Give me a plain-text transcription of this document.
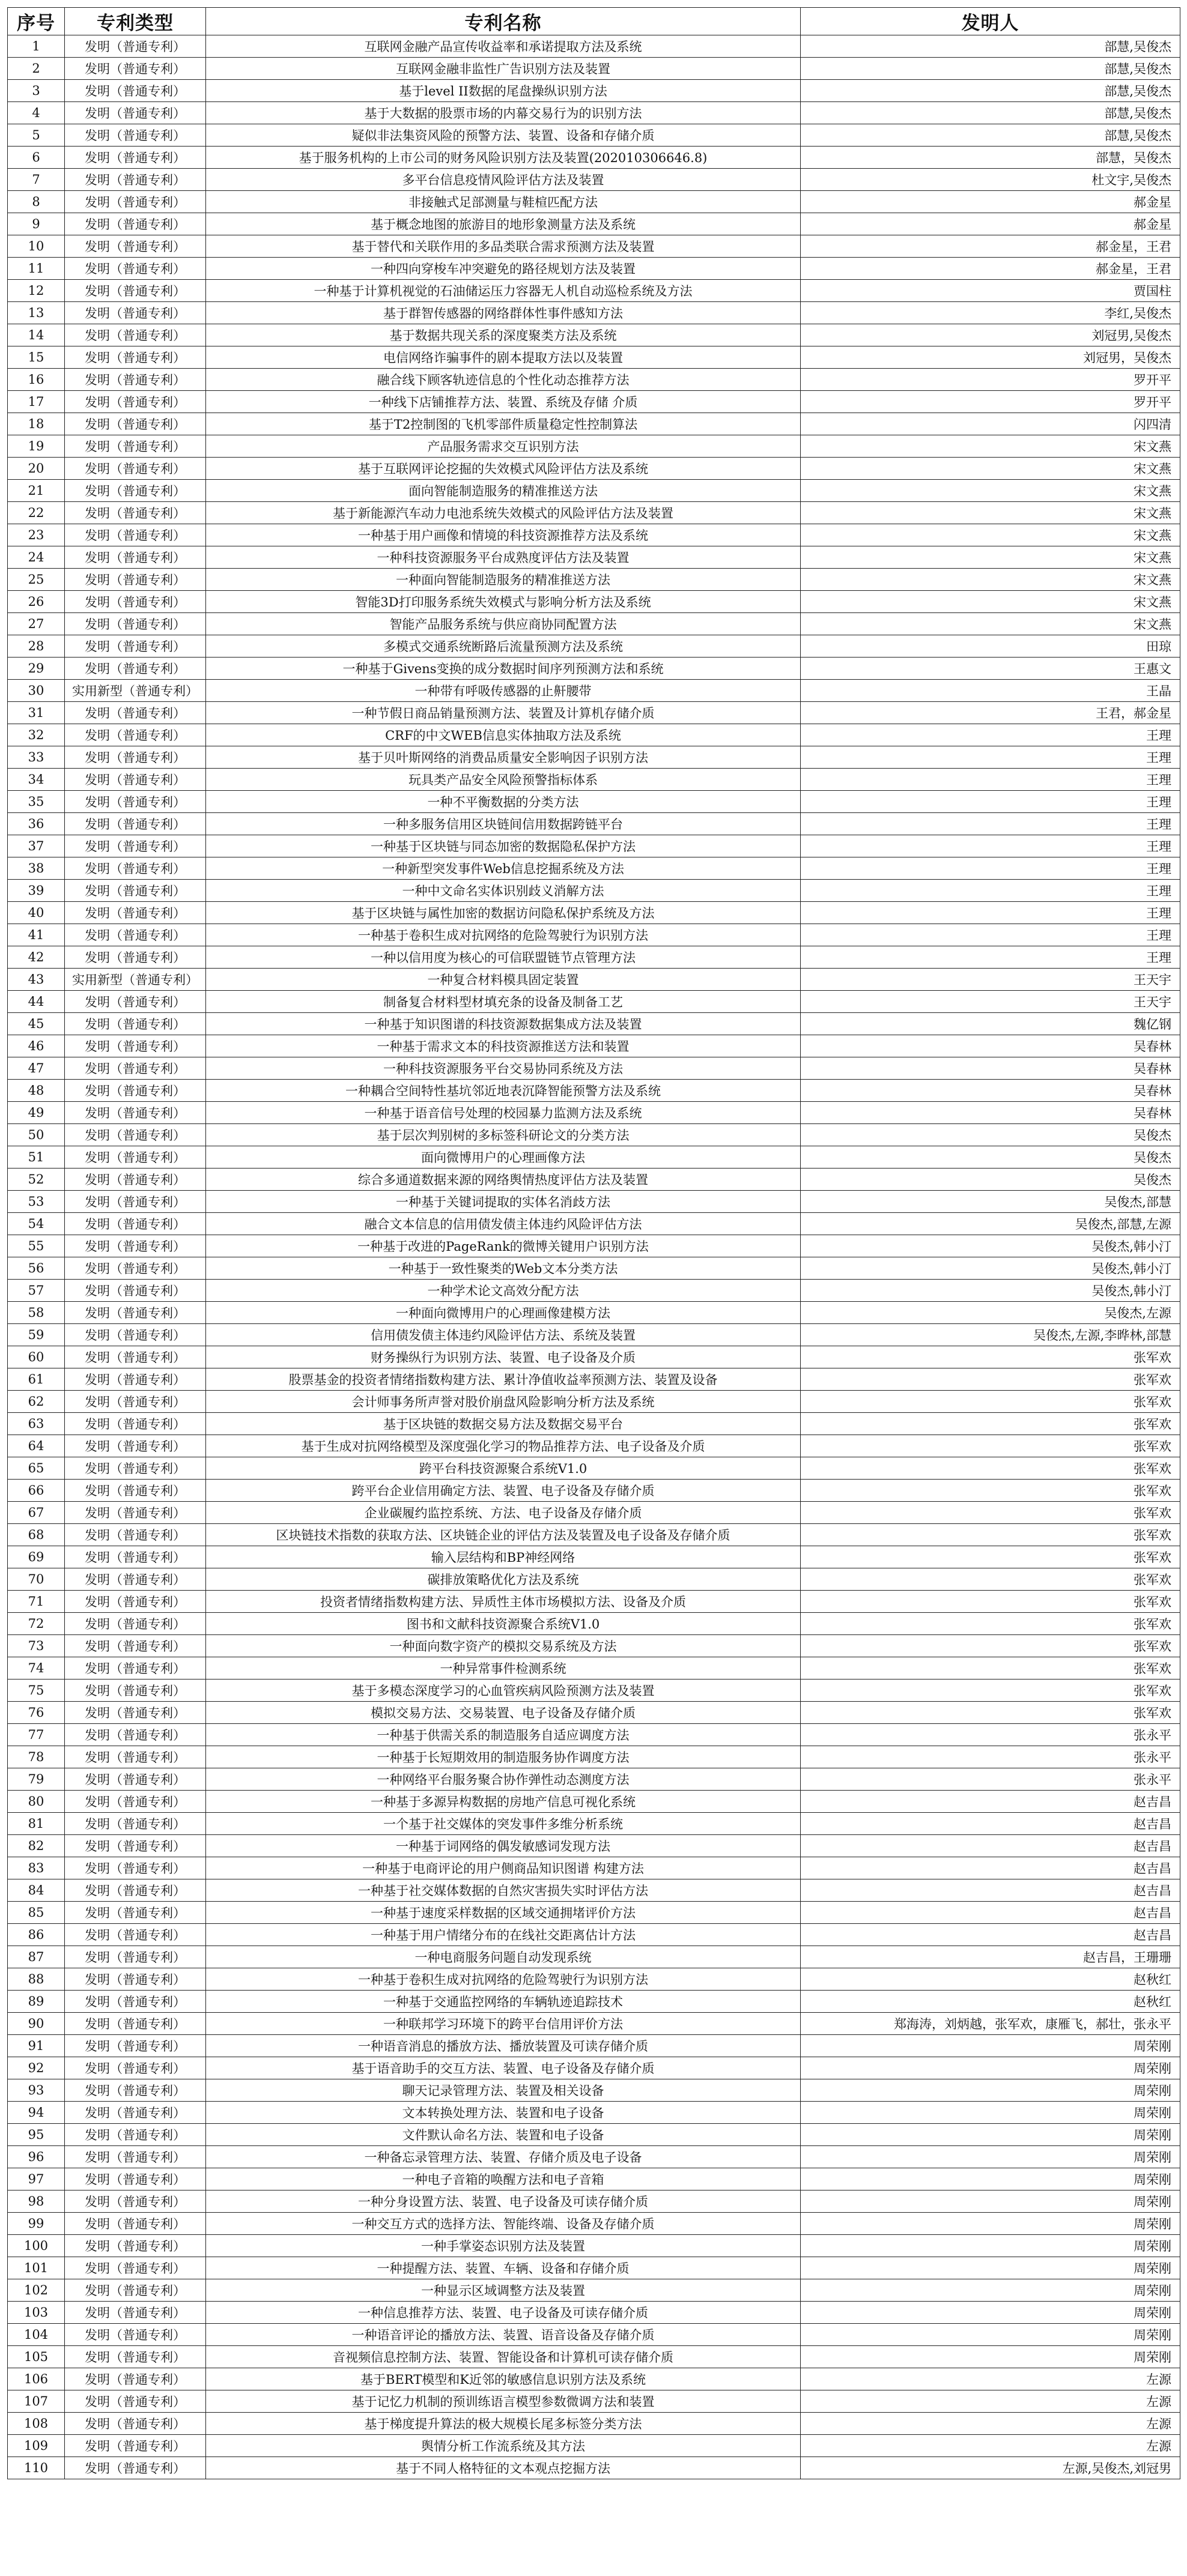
序号	专利类型	专利名称	发明人
1	发明（普通专利）	互联网金融产品宣传收益率和承诺提取方法及系统	部慧,吴俊杰
2	发明（普通专利）	互联网金融非监性广告识别方法及装置	部慧,吴俊杰
3	发明（普通专利）	基于level II数据的尾盘操纵识别方法	部慧,吴俊杰
4	发明（普通专利）	基于大数据的股票市场的内幕交易行为的识别方法	部慧,吴俊杰
5	发明（普通专利）	疑似非法集资风险的预警方法、装置、设备和存储介质	部慧,吴俊杰
6	发明（普通专利）	基于服务机构的上市公司的财务风险识别方法及装置(202010306646.8)	部慧，吴俊杰
7	发明（普通专利）	多平台信息疫情风险评估方法及装置	杜文宇,吴俊杰
8	发明（普通专利）	非接触式足部测量与鞋楦匹配方法	郝金星
9	发明（普通专利）	基于概念地图的旅游目的地形象测量方法及系统	郝金星
10	发明（普通专利）	基于替代和关联作用的多品类联合需求预测方法及装置	郝金星，王君
11	发明（普通专利）	一种四向穿梭车冲突避免的路径规划方法及装置	郝金星，王君
12	发明（普通专利）	一种基于计算机视觉的石油储运压力容器无人机自动巡检系统及方法	贾国柱
13	发明（普通专利）	基于群智传感器的网络群体性事件感知方法	李红,吴俊杰
14	发明（普通专利）	基于数据共现关系的深度聚类方法及系统	刘冠男,吴俊杰
15	发明（普通专利）	电信网络诈骗事件的剧本提取方法以及装置	刘冠男，吴俊杰
16	发明（普通专利）	融合线下顾客轨迹信息的个性化动态推荐方法	罗开平
17	发明（普通专利）	一种线下店铺推荐方法、装置、系统及存储 介质	罗开平
18	发明（普通专利）	基于T2控制图的飞机零部件质量稳定性控制算法	闪四清
19	发明（普通专利）	产品服务需求交互识别方法	宋文燕
20	发明（普通专利）	基于互联网评论挖掘的失效模式风险评估方法及系统	宋文燕
21	发明（普通专利）	面向智能制造服务的精准推送方法	宋文燕
22	发明（普通专利）	基于新能源汽车动力电池系统失效模式的风险评估方法及装置	宋文燕
23	发明（普通专利）	一种基于用户画像和情境的科技资源推荐方法及系统	宋文燕
24	发明（普通专利）	一种科技资源服务平台成熟度评估方法及装置	宋文燕
25	发明（普通专利）	一种面向智能制造服务的精准推送方法	宋文燕
26	发明（普通专利）	智能3D打印服务系统失效模式与影响分析方法及系统	宋文燕
27	发明（普通专利）	智能产品服务系统与供应商协同配置方法	宋文燕
28	发明（普通专利）	多模式交通系统断路后流量预测方法及系统	田琼
29	发明（普通专利）	一种基于Givens变换的成分数据时间序列预测方法和系统	王惠文
30	实用新型（普通专利）	一种带有呼吸传感器的止鼾腰带	王晶
31	发明（普通专利）	一种节假日商品销量预测方法、装置及计算机存储介质	王君，郝金星
32	发明（普通专利）	CRF的中文WEB信息实体抽取方法及系统	王理
33	发明（普通专利）	基于贝叶斯网络的消费品质量安全影响因子识别方法	王理
34	发明（普通专利）	玩具类产品安全风险预警指标体系	王理
35	发明（普通专利）	一种不平衡数据的分类方法	王理
36	发明（普通专利）	一种多服务信用区块链间信用数据跨链平台	王理
37	发明（普通专利）	一种基于区块链与同态加密的数据隐私保护方法	王理
38	发明（普通专利）	一种新型突发事件Web信息挖掘系统及方法	王理
39	发明（普通专利）	一种中文命名实体识别歧义消解方法	王理
40	发明（普通专利）	基于区块链与属性加密的数据访问隐私保护系统及方法	王理
41	发明（普通专利）	一种基于卷积生成对抗网络的危险驾驶行为识别方法	王理
42	发明（普通专利）	一种以信用度为核心的可信联盟链节点管理方法	王理
43	实用新型（普通专利）	一种复合材料模具固定装置	王天宇
44	发明（普通专利）	制备复合材料型材填充条的设备及制备工艺	王天宇
45	发明（普通专利）	一种基于知识图谱的科技资源数据集成方法及装置	魏亿钢
46	发明（普通专利）	一种基于需求文本的科技资源推送方法和装置	吴春林
47	发明（普通专利）	一种科技资源服务平台交易协同系统及方法	吴春林
48	发明（普通专利）	一种耦合空间特性基坑邻近地表沉降智能预警方法及系统	吴春林
49	发明（普通专利）	一种基于语音信号处理的校园暴力监测方法及系统	吴春林
50	发明（普通专利）	基于层次判别树的多标签科研论文的分类方法	吴俊杰
51	发明（普通专利）	面向微博用户的心理画像方法	吴俊杰
52	发明（普通专利）	综合多通道数据来源的网络舆情热度评估方法及装置	吴俊杰
53	发明（普通专利）	一种基于关键词提取的实体名消歧方法	吴俊杰,部慧
54	发明（普通专利）	融合文本信息的信用债发债主体违约风险评估方法	吴俊杰,部慧,左源
55	发明（普通专利）	一种基于改进的PageRank的微博关键用户识别方法	吴俊杰,韩小汀
56	发明（普通专利）	一种基于一致性聚类的Web文本分类方法	吴俊杰,韩小汀
57	发明（普通专利）	一种学术论文高效分配方法	吴俊杰,韩小汀
58	发明（普通专利）	一种面向微博用户的心理画像建模方法	吴俊杰,左源
59	发明（普通专利）	信用债发债主体违约风险评估方法、系统及装置	吴俊杰,左源,李晔林,部慧
60	发明（普通专利）	财务操纵行为识别方法、装置、电子设备及介质	张军欢
61	发明（普通专利）	股票基金的投资者情绪指数构建方法、累计净值收益率预测方法、装置及设备	张军欢
62	发明（普通专利）	会计师事务所声誉对股价崩盘风险影响分析方法及系统	张军欢
63	发明（普通专利）	基于区块链的数据交易方法及数据交易平台	张军欢
64	发明（普通专利）	基于生成对抗网络模型及深度强化学习的物品推荐方法、电子设备及介质	张军欢
65	发明（普通专利）	跨平台科技资源聚合系统V1.0	张军欢
66	发明（普通专利）	跨平台企业信用确定方法、装置、电子设备及存储介质	张军欢
67	发明（普通专利）	企业碳履约监控系统、方法、电子设备及存储介质	张军欢
68	发明（普通专利）	区块链技术指数的获取方法、区块链企业的评估方法及装置及电子设备及存储介质	张军欢
69	发明（普通专利）	输入层结构和BP神经网络	张军欢
70	发明（普通专利）	碳排放策略优化方法及系统	张军欢
71	发明（普通专利）	投资者情绪指数构建方法、异质性主体市场模拟方法、设备及介质	张军欢
72	发明（普通专利）	图书和文献科技资源聚合系统V1.0	张军欢
73	发明（普通专利）	一种面向数字资产的模拟交易系统及方法	张军欢
74	发明（普通专利）	一种异常事件检测系统	张军欢
75	发明（普通专利）	基于多模态深度学习的心血管疾病风险预测方法及装置	张军欢
76	发明（普通专利）	模拟交易方法、交易装置、电子设备及存储介质	张军欢
77	发明（普通专利）	一种基于供需关系的制造服务自适应调度方法	张永平
78	发明（普通专利）	一种基于长短期效用的制造服务协作调度方法	张永平
79	发明（普通专利）	一种网络平台服务聚合协作弹性动态测度方法	张永平
80	发明（普通专利）	一种基于多源异构数据的房地产信息可视化系统	赵吉昌
81	发明（普通专利）	一个基于社交媒体的突发事件多维分析系统	赵吉昌
82	发明（普通专利）	一种基于词网络的偶发敏感词发现方法	赵吉昌
83	发明（普通专利）	一种基于电商评论的用户侧商品知识图谱 构建方法	赵吉昌
84	发明（普通专利）	一种基于社交媒体数据的自然灾害损失实时评估方法	赵吉昌
85	发明（普通专利）	一种基于速度采样数据的区域交通拥堵评价方法	赵吉昌
86	发明（普通专利）	一种基于用户情绪分布的在线社交距离估计方法	赵吉昌
87	发明（普通专利）	一种电商服务问题自动发现系统	赵吉昌，王珊珊
88	发明（普通专利）	一种基于卷积生成对抗网络的危险驾驶行为识别方法	赵秋红
89	发明（普通专利）	一种基于交通监控网络的车辆轨迹追踪技术	赵秋红
90	发明（普通专利）	一种联邦学习环境下的跨平台信用评价方法	郑海涛，刘炳越，张军欢，康雁飞，郝壮，张永平
91	发明（普通专利）	一种语音消息的播放方法、播放装置及可读存储介质	周荣刚
92	发明（普通专利）	基于语音助手的交互方法、装置、电子设备及存储介质	周荣刚
93	发明（普通专利）	聊天记录管理方法、装置及相关设备	周荣刚
94	发明（普通专利）	文本转换处理方法、装置和电子设备	周荣刚
95	发明（普通专利）	文件默认命名方法、装置和电子设备	周荣刚
96	发明（普通专利）	一种备忘录管理方法、装置、存储介质及电子设备	周荣刚
97	发明（普通专利）	一种电子音箱的唤醒方法和电子音箱	周荣刚
98	发明（普通专利）	一种分身设置方法、装置、电子设备及可读存储介质	周荣刚
99	发明（普通专利）	一种交互方式的选择方法、智能终端、设备及存储介质	周荣刚
100	发明（普通专利）	一种手掌姿态识别方法及装置	周荣刚
101	发明（普通专利）	一种提醒方法、装置、车辆、设备和存储介质	周荣刚
102	发明（普通专利）	一种显示区域调整方法及装置	周荣刚
103	发明（普通专利）	一种信息推荐方法、装置、电子设备及可读存储介质	周荣刚
104	发明（普通专利）	一种语音评论的播放方法、装置、语音设备及存储介质	周荣刚
105	发明（普通专利）	音视频信息控制方法、装置、智能设备和计算机可读存储介质	周荣刚
106	发明（普通专利）	基于BERT模型和K近邻的敏感信息识别方法及系统	左源
107	发明（普通专利）	基于记忆力机制的预训练语言模型参数微调方法和装置	左源
108	发明（普通专利）	基于梯度提升算法的极大规模长尾多标签分类方法	左源
109	发明（普通专利）	舆情分析工作流系统及其方法	左源
110	发明（普通专利）	基于不同人格特征的文本观点挖掘方法	左源,吴俊杰,刘冠男
